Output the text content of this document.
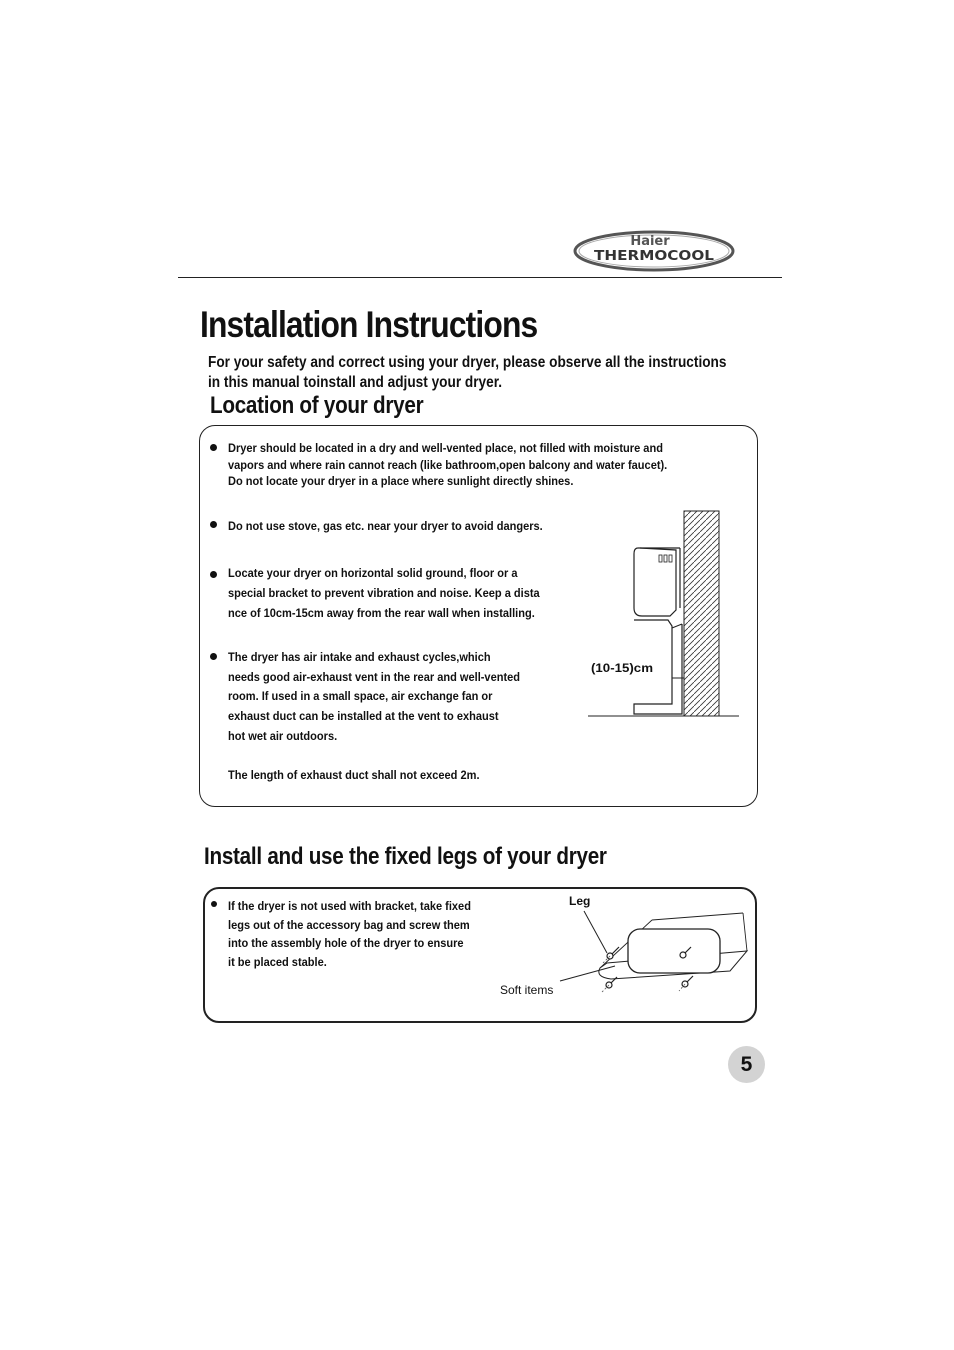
Haier
THERMOCOOL
Installation Instructions
For your safety and correct using your dryer, please observe all the instructions
in this manual toinstall and adjust your dryer.
Location of your dryer
Dryer should be located in a dry and well-vented place, not filled with moisture and
vapors and where rain cannot reach (like bathroom,open balcony and water faucet).
Do not locate your dryer in a place where sunlight directly shines.
Do not use stove, gas etc. near your dryer to avoid dangers.
Locate your dryer on horizontal solid ground, floor or a
special bracket to prevent vibration and noise. Keep a dista
nce of 10cm-15cm away from the rear wall when installing.
The dryer has air intake and exhaust cycles,which
needs good air-exhaust vent in the rear and well-vented
room. If used in a small space, air exchange fan or
exhaust duct can be installed at the vent to exhaust
hot wet air outdoors.
The length of exhaust duct shall not exceed 2m.
(10-15)cm
Install and use the fixed legs of your dryer
If the dryer is not used with bracket, take fixed
legs out of the accessory bag and screw them
into the assembly hole of the dryer to ensure
it be placed stable.
Leg
Soft items
5
